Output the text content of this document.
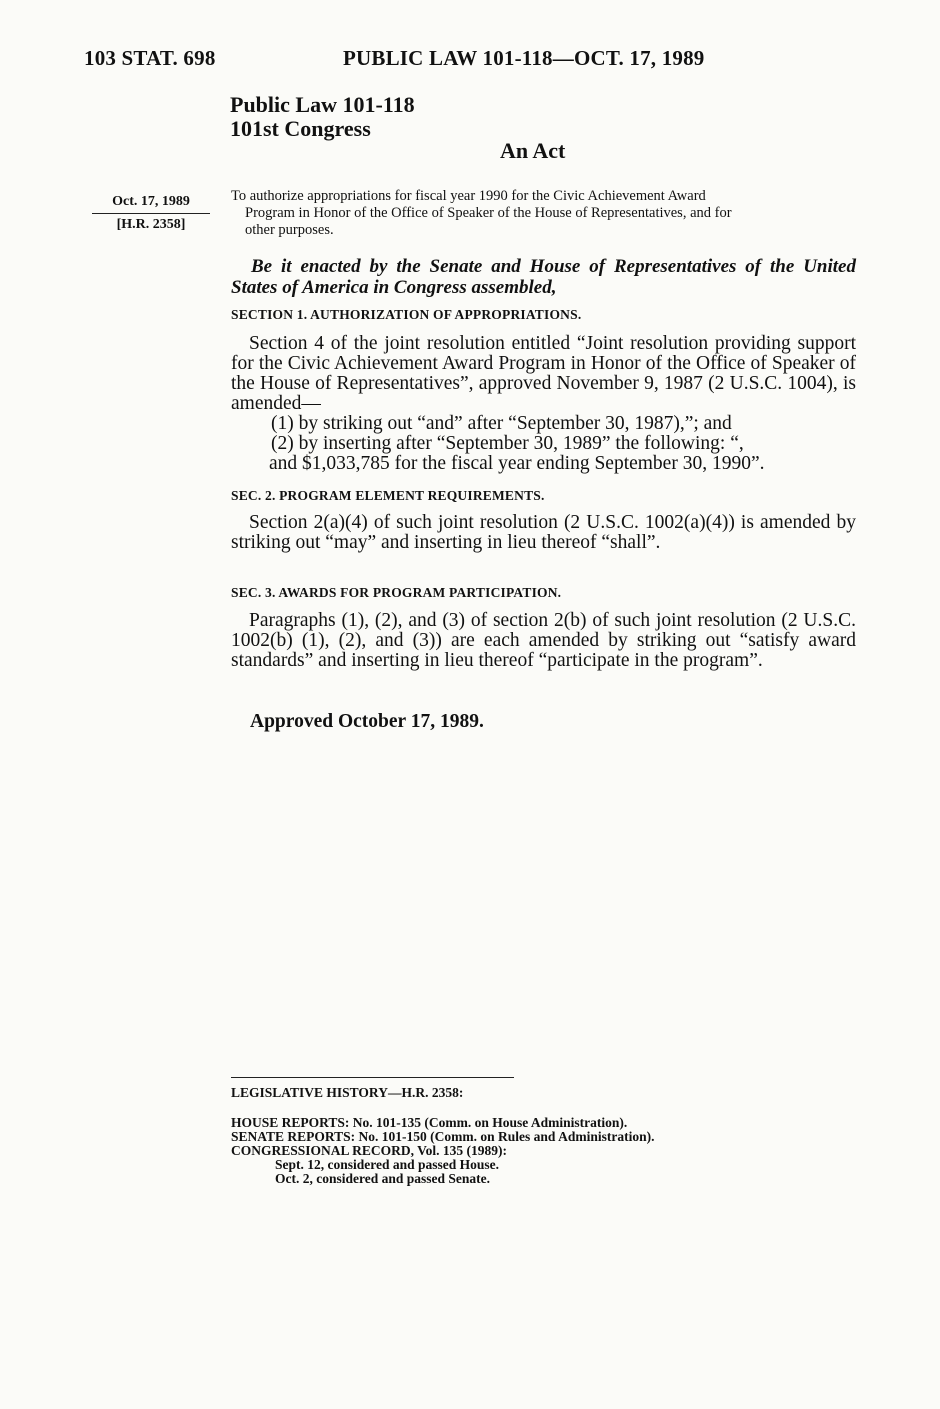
103 STAT. 698	PUBLIC LAW 101-118—OCT. 17, 1989
Public Law 101-118
101st Congress
An Act
Oct. 17, 1989
[H.R. 2358]
To authorize appropriations for fiscal year 1990 for the Civic Achievement Award
Program in Honor of the Office of Speaker of the House of Representatives, and for
other purposes.
Be it enacted by the Senate and House of Representatives of the United States of America in Congress assembled,
SECTION 1. AUTHORIZATION OF APPROPRIATIONS.

Section 4 of the joint resolution entitled “Joint resolution providing support for the Civic Achievement Award Program in Honor of the Office of Speaker of the House of Representatives”, approved November 9, 1987 (2 U.S.C. 1004), is amended—

(1) by striking out “and” after “September 30, 1987),”; and
(2) by inserting after “September 30, 1989” the following: “,
and $1,033,785 for the fiscal year ending September 30, 1990”.
SEC. 2. PROGRAM ELEMENT REQUIREMENTS.

Section 2(a)(4) of such joint resolution (2 U.S.C. 1002(a)(4)) is amended by striking out “may” and inserting in lieu thereof “shall”.

SEC. 3. AWARDS FOR PROGRAM PARTICIPATION.

Paragraphs (1), (2), and (3) of section 2(b) of such joint resolution (2 U.S.C. 1002(b) (1), (2), and (3)) are each amended by striking out “satisfy award standards” and inserting in lieu thereof “participate in the program”.

Approved October 17, 1989.
LEGISLATIVE HISTORY—H.R. 2358:
HOUSE REPORTS: No. 101-135 (Comm. on House Administration).
SENATE REPORTS: No. 101-150 (Comm. on Rules and Administration).
CONGRESSIONAL RECORD, Vol. 135 (1989):
Sept. 12, considered and passed House.
Oct. 2, considered and passed Senate.
